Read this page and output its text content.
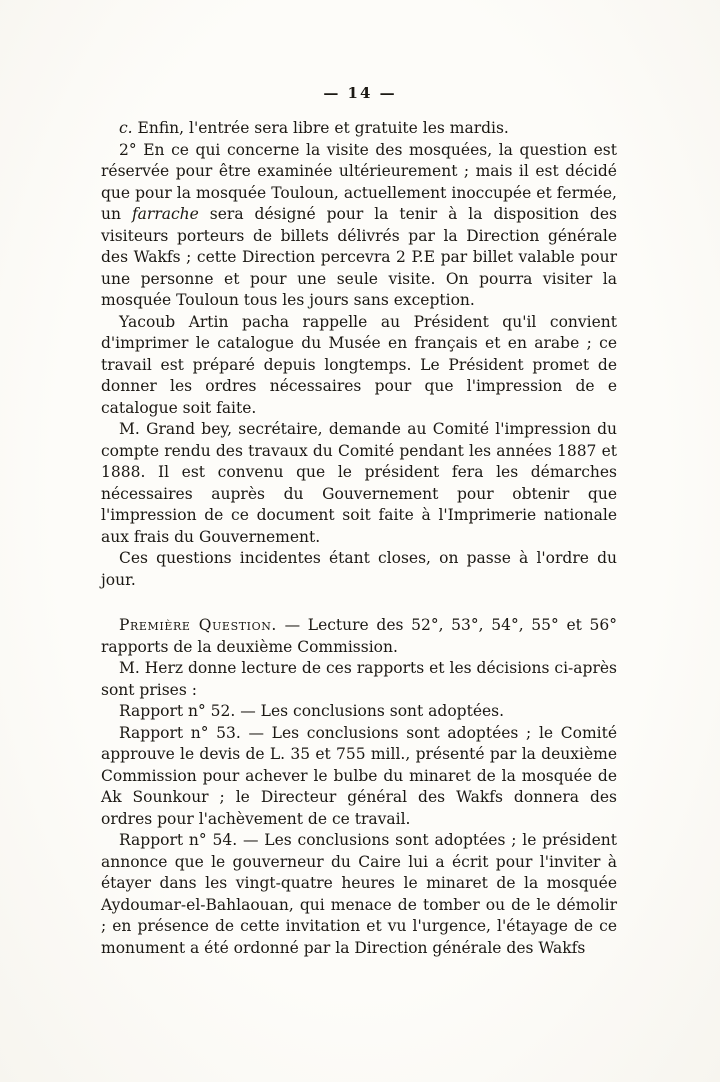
— 14 —

c. Enfin, l'entrée sera libre et gratuite les mardis.

2° En ce qui concerne la visite des mosquées, la question est réservée pour être examinée ultérieurement ; mais il est décidé que pour la mosquée Touloun, actuellement inoccupée et fermée, un farrache sera désigné pour la tenir à la disposition des visiteurs porteurs de billets délivrés par la Direction générale des Wakfs ; cette Direction percevra 2 P.E par billet valable pour une personne et pour une seule visite. On pourra visiter la mosquée Touloun tous les jours sans exception.

Yacoub Artin pacha rappelle au Président qu'il convient d'imprimer le catalogue du Musée en français et en arabe ; ce travail est préparé depuis longtemps. Le Président promet de donner les ordres nécessaires pour que l'impression de e catalogue soit faite.

M. Grand bey, secrétaire, demande au Comité l'impression du compte rendu des travaux du Comité pendant les années 1887 et 1888. Il est convenu que le président fera les démarches nécessaires auprès du Gouvernement pour obtenir que l'impression de ce document soit faite à l'Imprimerie nationale aux frais du Gouvernement.

Ces questions incidentes étant closes, on passe à l'ordre du jour.

Première Question. — Lecture des 52°, 53°, 54°, 55° et 56° rapports de la deuxième Commission.

M. Herz donne lecture de ces rapports et les décisions ci-après sont prises :

Rapport n° 52. — Les conclusions sont adoptées.

Rapport n° 53. — Les conclusions sont adoptées ; le Comité approuve le devis de L. 35 et 755 mill., présenté par la deuxième Commission pour achever le bulbe du minaret de la mosquée de Ak Sounkour ; le Directeur général des Wakfs donnera des ordres pour l'achèvement de ce travail.

Rapport n° 54. — Les conclusions sont adoptées ; le président annonce que le gouverneur du Caire lui a écrit pour l'inviter à étayer dans les vingt-quatre heures le minaret de la mosquée Aydoumar-el-Bahlaouan, qui menace de tomber ou de le démolir ; en présence de cette invitation et vu l'urgence, l'étayage de ce monument a été ordonné par la Direction générale des Wakfs
